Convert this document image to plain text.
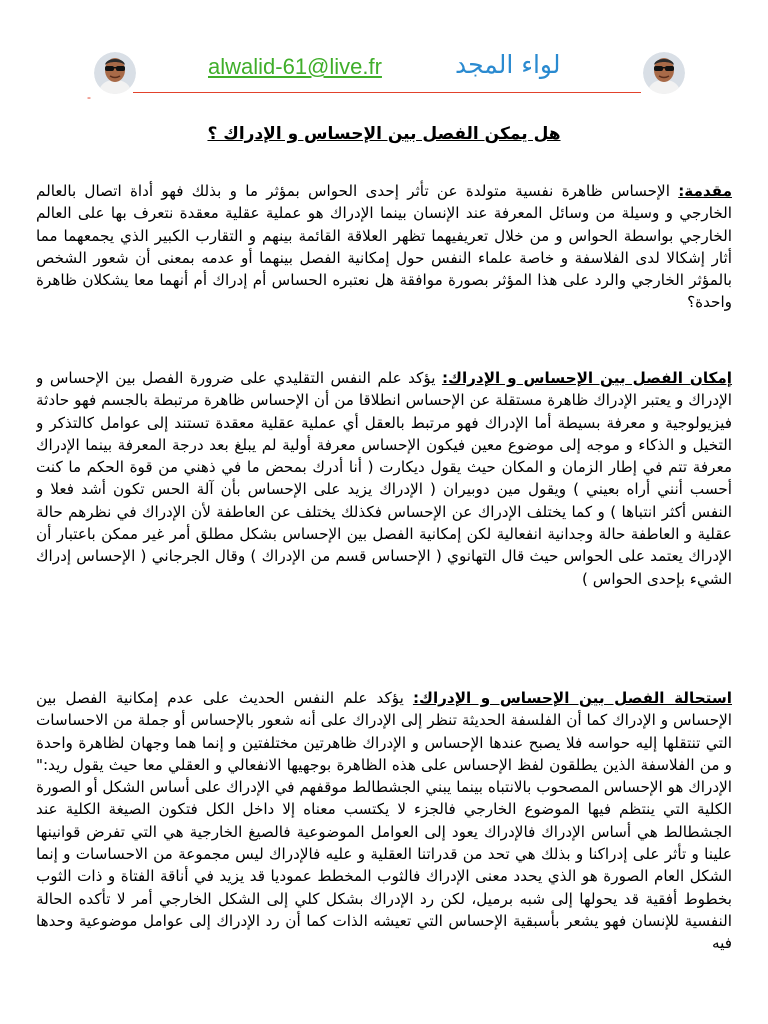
alwalid-61@live.fr	لواء المجد
-
هل يمكن الفصل بين الإحساس و الإدراك ؟
مقدمة: الإحساس ظاهرة نفسية متولدة عن تأثر إحدى الحواس بمؤثر ما و بذلك فهو أداة اتصال بالعالم الخارجي و وسيلة من وسائل المعرفة عند الإنسان بينما الإدراك هو عملية عقلية معقدة نتعرف بها على العالم الخارجي بواسطة الحواس و من خلال تعريفيهما تظهر العلاقة القائمة بينهم و التقارب الكبير الذي يجمعهما مما أثار إشكالا لدى الفلاسفة و خاصة علماء النفس حول إمكانية الفصل بينهما أو عدمه بمعنى أن شعور الشخص بالمؤثر الخارجي والرد على هذا المؤثر بصورة موافقة هل نعتبره الحساس أم إدراك أم أنهما معا يشكلان ظاهرة واحدة؟
إمكان الفصل بين الإحساس و الإدراك: يؤكد علم النفس التقليدي على ضرورة الفصل بين الإحساس و الإدراك و يعتبر الإدراك ظاهرة مستقلة عن الإحساس انطلاقا من أن الإحساس ظاهرة مرتبطة بالجسم فهو حادثة فيزيولوجية و معرفة بسيطة أما الإدراك فهو مرتبط بالعقل أي عملية عقلية معقدة تستند إلى عوامل كالتذكر و التخيل و الذكاء و موجه إلى موضوع معين فيكون الإحساس معرفة أولية لم يبلغ بعد درجة المعرفة بينما الإدراك معرفة تتم في إطار الزمان و المكان حيث يقول ديكارت ( أنا أدرك بمحض ما في ذهني من قوة الحكم ما كنت أحسب أنني أراه بعيني ) ويقول مين دوبيران ( الإدراك يزيد على الإحساس بأن آلة الحس تكون أشد فعلا و النفس أكثر انتباها ) و كما يختلف الإدراك عن الإحساس فكذلك يختلف عن العاطفة لأن الإدراك في نظرهم حالة عقلية و العاطفة حالة وجدانية انفعالية لكن إمكانية الفصل بين الإحساس بشكل مطلق أمر غير ممكن باعتبار أن الإدراك يعتمد على الحواس حيث قال التهانوي ( الإحساس قسم من الإدراك ) وقال الجرجاني ( الإحساس إدراك الشيء بإحدى الحواس )
استحالة الفصل بين الإحساس و الإدراك: يؤكد علم النفس الحديث على عدم إمكانية الفصل بين الإحساس و الإدراك كما أن الفلسفة الحديثة تنظر إلى الإدراك على أنه شعور بالإحساس أو جملة من الاحساسات التي تنتقلها إليه حواسه فلا يصبح عندها الإحساس و الإدراك ظاهرتين مختلفتين و إنما هما وجهان لظاهرة واحدة و من الفلاسفة الذين يطلقون لفظ الإحساس على هذه الظاهرة بوجهيها الانفعالي و العقلي معا حيث يقول ريد:" الإدراك هو الإحساس المصحوب بالانتباه بينما يبني الجشطالط موقفهم في الإدراك على أساس الشكل أو الصورة الكلية التي ينتظم فيها الموضوع الخارجي فالجزء لا يكتسب معناه إلا داخل الكل فتكون الصيغة الكلية عند الجشطالط هي أساس الإدراك فالإدراك يعود إلى العوامل الموضوعية فالصيغ الخارجية هي التي تفرض قوانينها علينا و تأثر على إدراكنا و بذلك هي تحد من قدراتنا العقلية و عليه فالإدراك ليس مجموعة من الاحساسات و إنما الشكل العام الصورة هو الذي يحدد معنى الإدراك فالثوب المخطط عموديا قد يزيد في أناقة الفتاة و ذات الثوب بخطوط أفقية قد يحولها إلى شبه برميل، لكن رد الإدراك بشكل كلي إلى الشكل الخارجي أمر لا تأكده الحالة النفسية للإنسان فهو يشعر بأسبقية الإحساس التي تعيشه الذات كما أن رد الإدراك إلى عوامل موضوعية وحدها فيه
